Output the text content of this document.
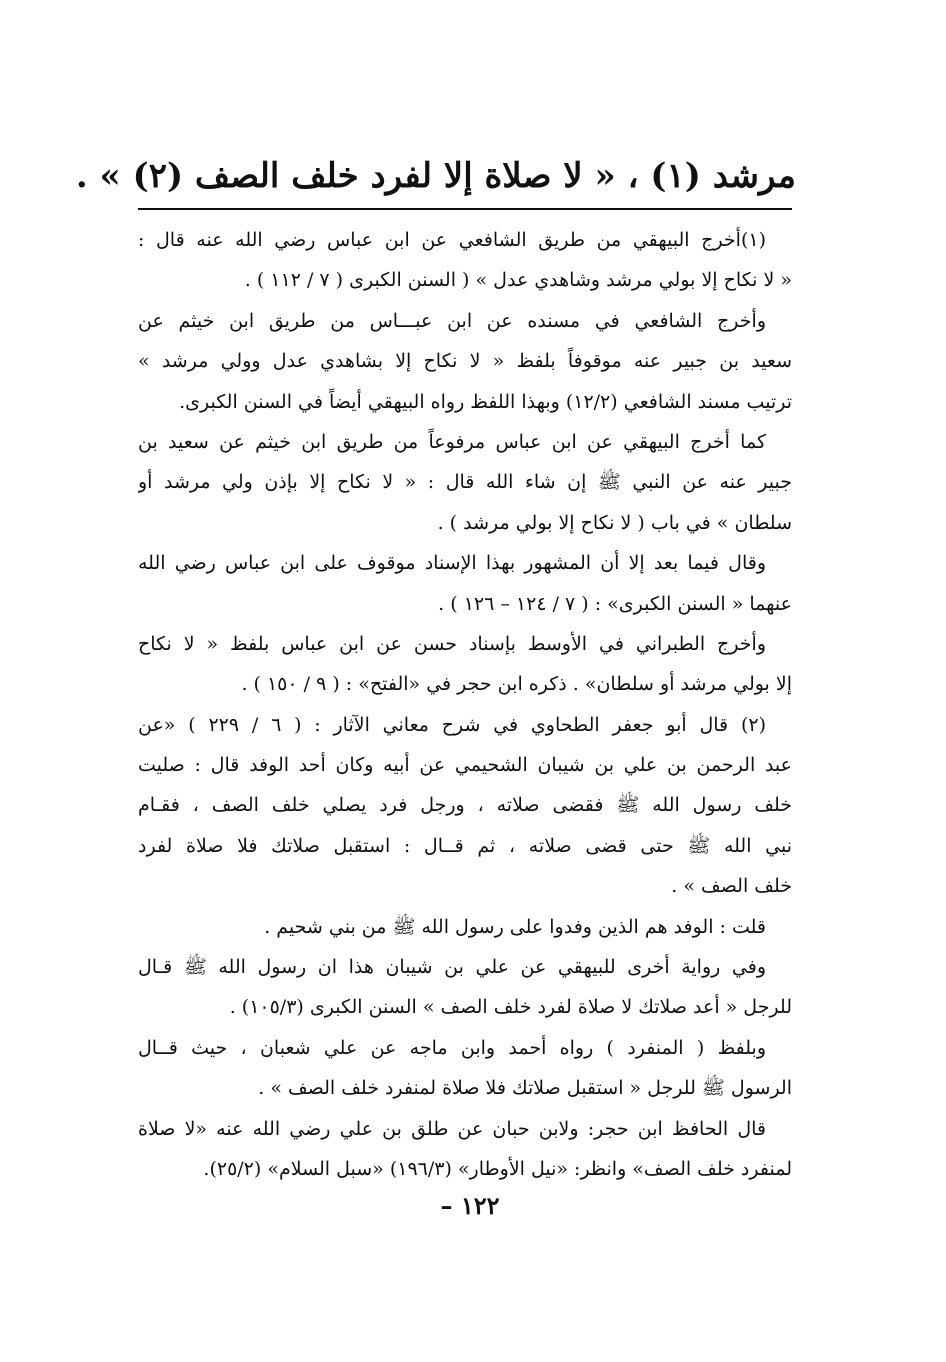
مرشد (١) ، « لا صلاة إلا لفرد خلف الصف (٢) » .
(١)أخرج البيهقي من طريق الشافعي عن ابن عباس رضي الله عنه قال :
« لا نكاح إلا بولي مرشد وشاهدي عدل » ( السنن الكبرى ( ٧ / ١١٢ ) .
وأخرج الشافعي في مسنده عن ابن عبـــاس من طريق ابن خيثم عن
سعيد بن جبير عنه موقوفاً بلفظ « لا نكاح إلا بشاهدي عدل وولي مرشد »
ترتيب مسند الشافعي (١٢/٢) وبهذا اللفظ رواه البيهقي أيضاً في السنن الكبرى.
كما أخرج البيهقي عن ابن عباس مرفوعاً من طريق ابن خيثم عن سعيد بن
جبير عنه عن النبي ﷺ إن شاء الله قال : « لا نكاح إلا بإذن ولي مرشد أو
سلطان » في باب ( لا نكاح إلا بولي مرشد ) .
وقال فيما بعد إلا أن المشهور بهذا الإسناد موقوف على ابن عباس رضي الله
عنهما « السنن الكبرى» : ( ٧ / ١٢٤ – ١٢٦ ) .
وأخرج الطبراني في الأوسط بإسناد حسن عن ابن عباس بلفظ « لا نكاح
إلا بولي مرشد أو سلطان» . ذكره ابن حجر في «الفتح» : ( ٩ / ١٥٠ ) .
(٢) قال أبو جعفر الطحاوي في شرح معاني الآثار : ( ٦ / ٢٢٩ ) «عن
عبد الرحمن بن علي بن شيبان الشحيمي عن أبيه وكان أحد الوفد قال : صليت
خلف رسول الله ﷺ فقضى صلاته ، ورجل فرد يصلي خلف الصف ، فقـام
نبي الله ﷺ حتى قضى صلاته ، ثم قــال : استقبل صلاتك فلا صلاة لفرد
خلف الصف » .
قلت : الوفد هم الذين وفدوا على رسول الله ﷺ من بني شحيم .
وفي رواية أخرى للبيهقي عن علي بن شيبان هذا ان رسول الله ﷺ قـال
للرجل « أعد صلاتك لا صلاة لفرد خلف الصف » السنن الكبرى (١٠٥/٣) .
وبلفظ ( المنفرد ) رواه أحمد وابن ماجه عن علي شعبان ، حيث قــال
الرسول ﷺ للرجل « استقبل صلاتك فلا صلاة لمنفرد خلف الصف » .
قال الحافظ ابن حجر: ولابن حبان عن طلق بن علي رضي الله عنه «لا صلاة
لمنفرد خلف الصف» وانظر: «نيل الأوطار» (١٩٦/٣) «سبل السلام» (٢٥/٢).
١٢٢ –
